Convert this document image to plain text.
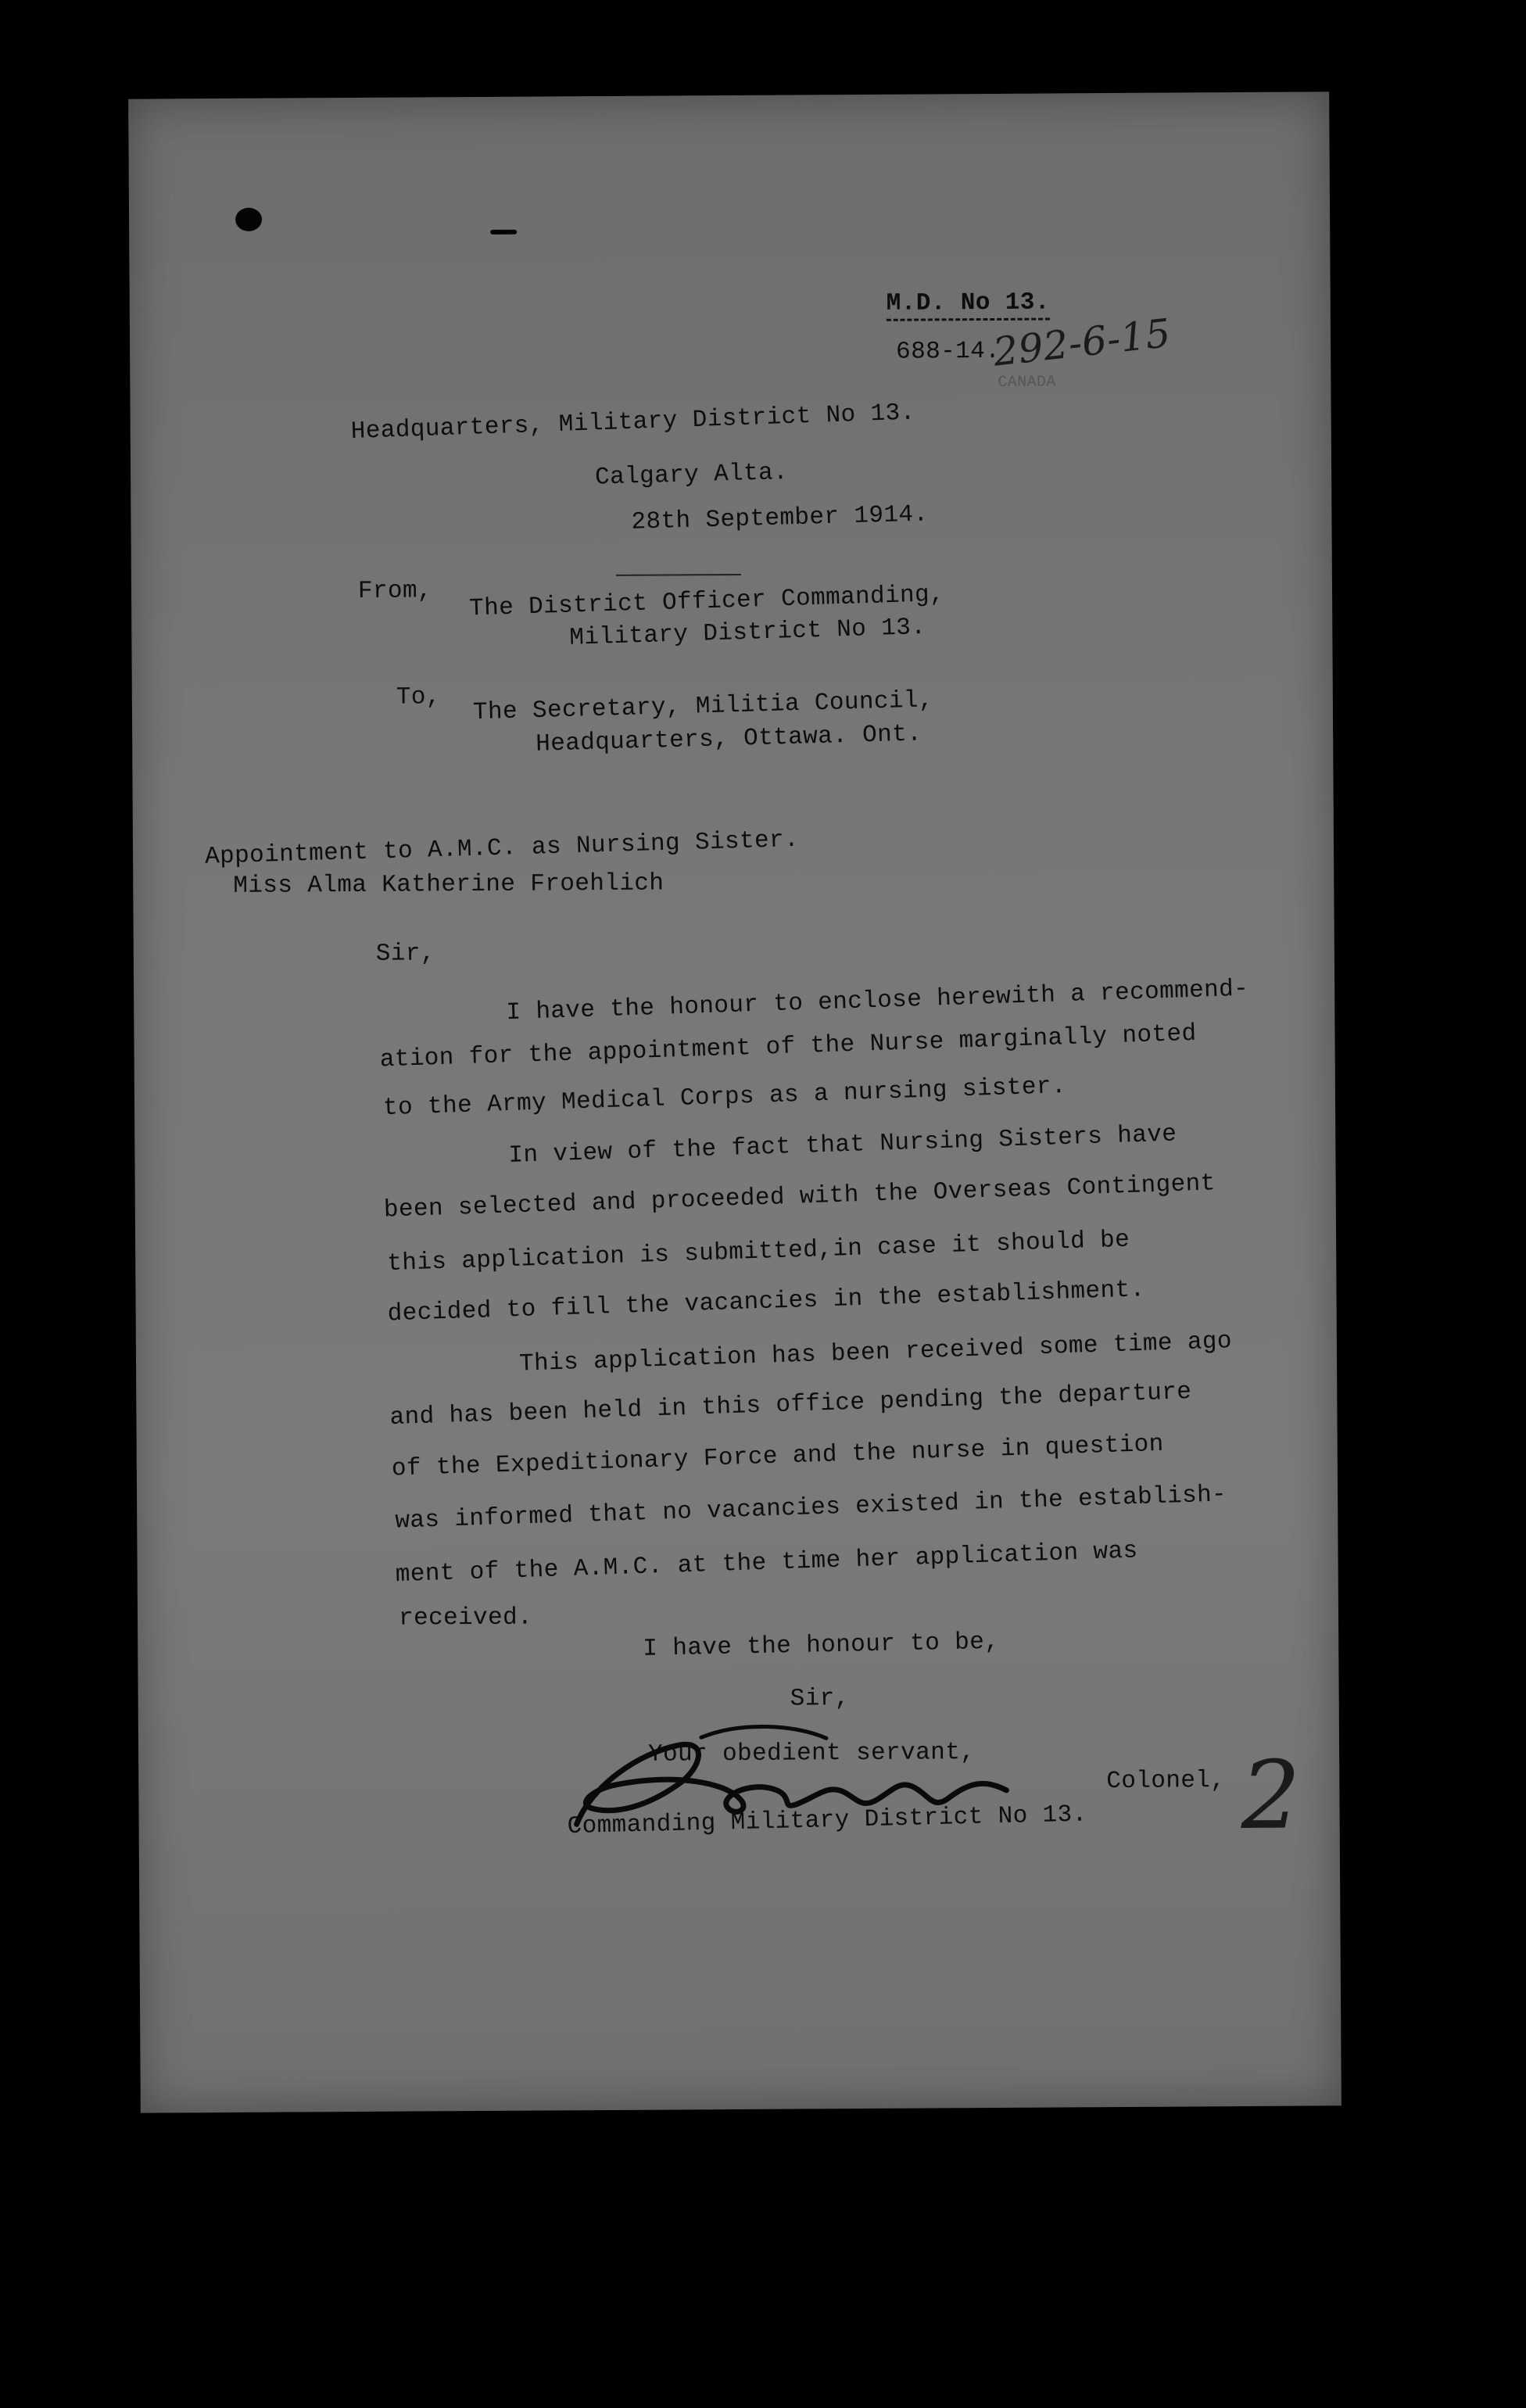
M.D. No 13.
688-14.
292-6-15
CANADA
Headquarters, Military District No 13.
Calgary Alta.
28th September 1914.
From, The District Officer Commanding,
Military District No 13.
To, The Secretary, Militia Council,
Headquarters, Ottawa. Ont.
Appointment to A.M.C. as Nursing Sister.
Miss Alma Katherine Froehlich
Sir,
I have the honour to enclose herewith a recommend-
ation for the appointment of the Nurse marginally noted
to the Army Medical Corps as a nursing sister.
In view of the fact that Nursing Sisters have
been selected and proceeded with the Overseas Contingent
this application is submitted,in case it should be
decided to fill the vacancies in the establishment.
This application has been received some time ago
and has been held in this office pending the departure
of the Expeditionary Force and the nurse in question
was informed that no vacancies existed in the establish-
ment of the A.M.C. at the time her application was
received.
I have the honour to be,
Sir,
Your obedient servant,
Colonel,
Commanding Military District No 13. 2
